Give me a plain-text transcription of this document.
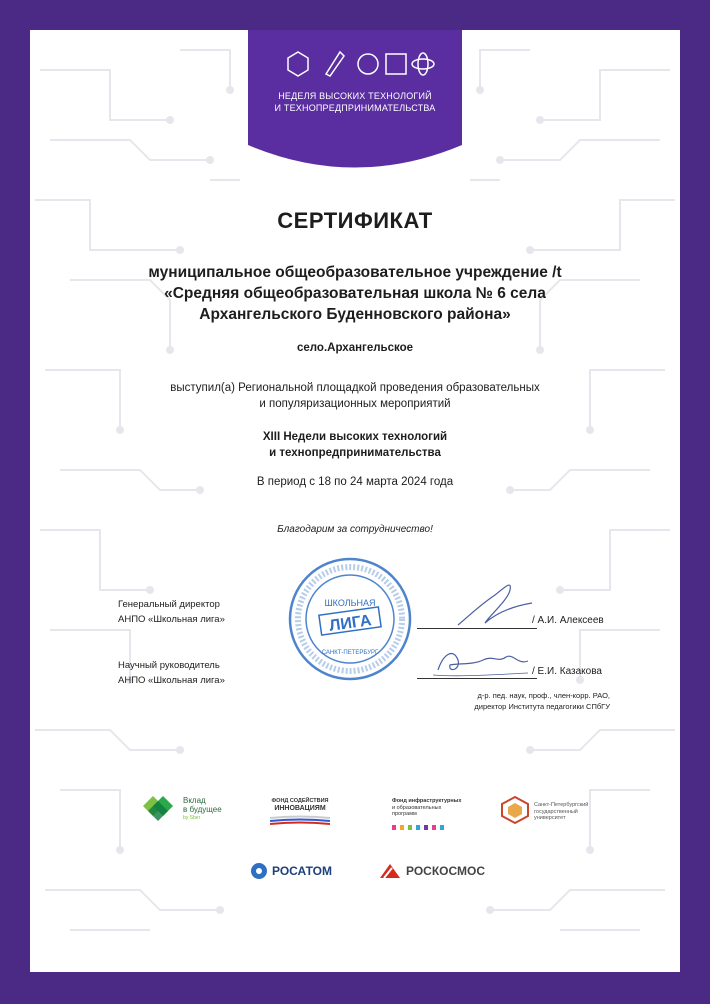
НЕДЕЛЯ ВЫСОКИХ ТЕХНОЛОГИЙ
И ТЕХНОПРЕДПРИНИМАТЕЛЬСТВА
СЕРТИФИКАТ
муниципальное общеобразовательное учреждение /t
«Средняя общеобразовательная школа № 6 села
Архангельского Буденновского района»
село.Архангельское
выступил(а) Региональной площадкой проведения образовательных
и популяризационных мероприятий
XIII Недели высоких технологий
и технопредпринимательства
В период с 18 по 24 марта 2024 года
Благодарим за сотрудничество!
ШКОЛЬНАЯ
ЛИГА
САНКТ-ПЕТЕРБУРГ
Генеральный директор
АНПО «Школьная лига»	/ А.И. Алексеев
Научный руководитель
АНПО «Школьная лига»
/ Е.И. Казакова
д-р. пед. наук, проф., член-корр. РАО,
директор Института педагогики СПбГУ
Вклад
в будущее
by Sber
ФОНД СОДЕЙСТВИЯ
ИННОВАЦИЯМ
Фонд инфраструктурных
и образовательных
программ
Санкт-Петербургский
государственный университет
РОСАТОМ	РОСКОСМОС
